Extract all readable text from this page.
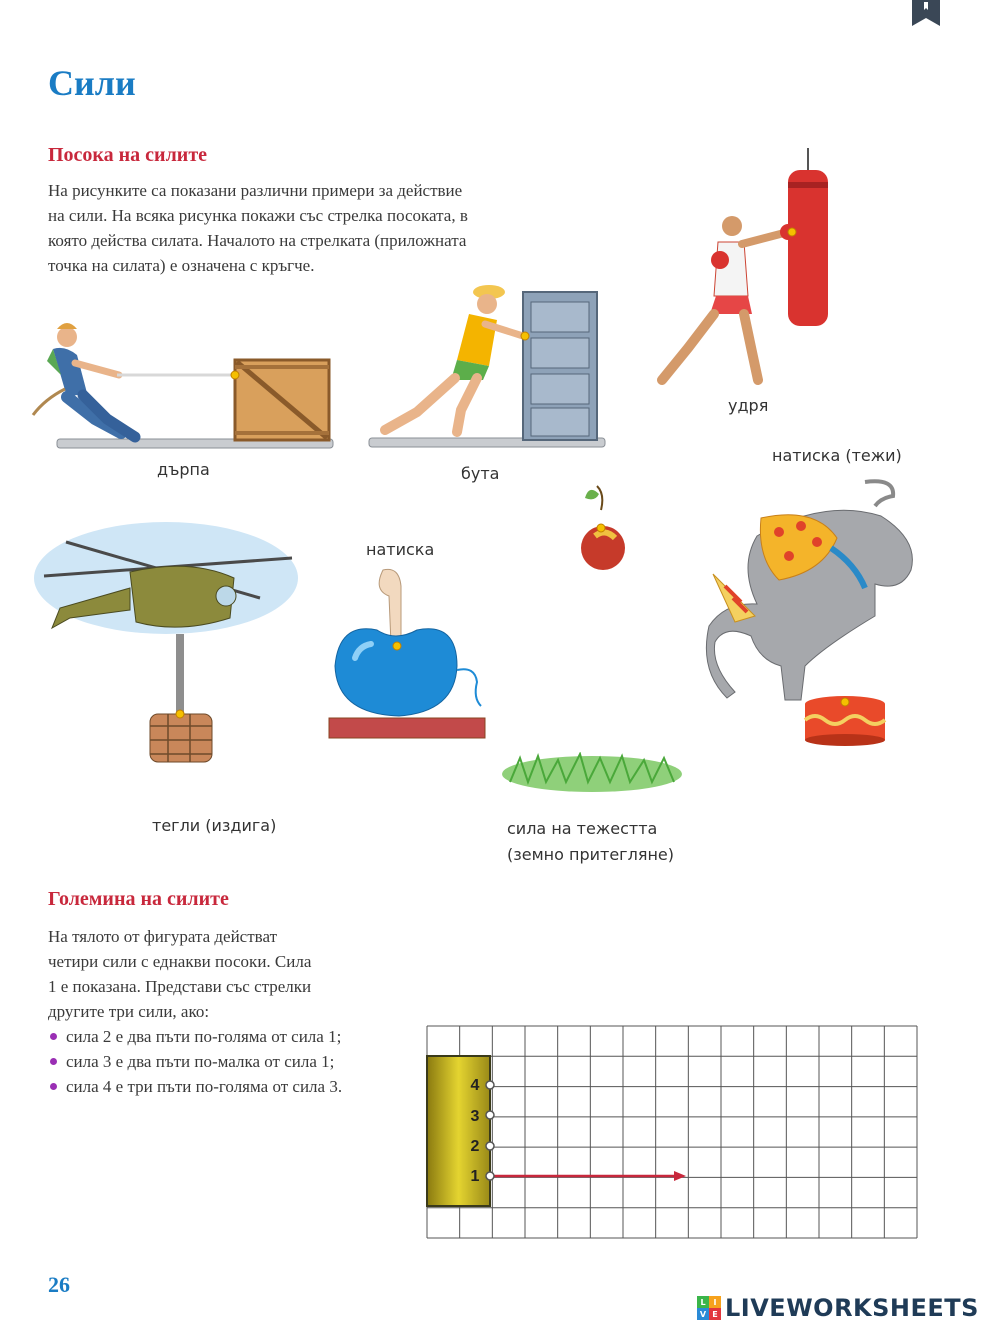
Сили
Посока на силите
На рисунките са показани различни примери за действие
на сили. На всяка рисунка покажи със стрелка посоката, в
която действа силата. Началото на стрелката (приложната
точка на силата) е означена с кръгче.
дърпа	бута
удря
натиска (тежи)
тегли (издига)
натиска
сила на тежестта
(земно притегляне)
Големина на силите
На тялото от фигурата действат
четири сили с еднакви посоки. Сила
1 е показана. Представи със стрелки
другите три сили, ако:
сила 2 е два пъти по-голяма от сила 1;
сила 3 е два пъти по-малка от сила 1;
сила 4 е три пъти по-голяма от сила 3.	4
3
2
1
26
L I
V E LIVEWORKSHEETS
